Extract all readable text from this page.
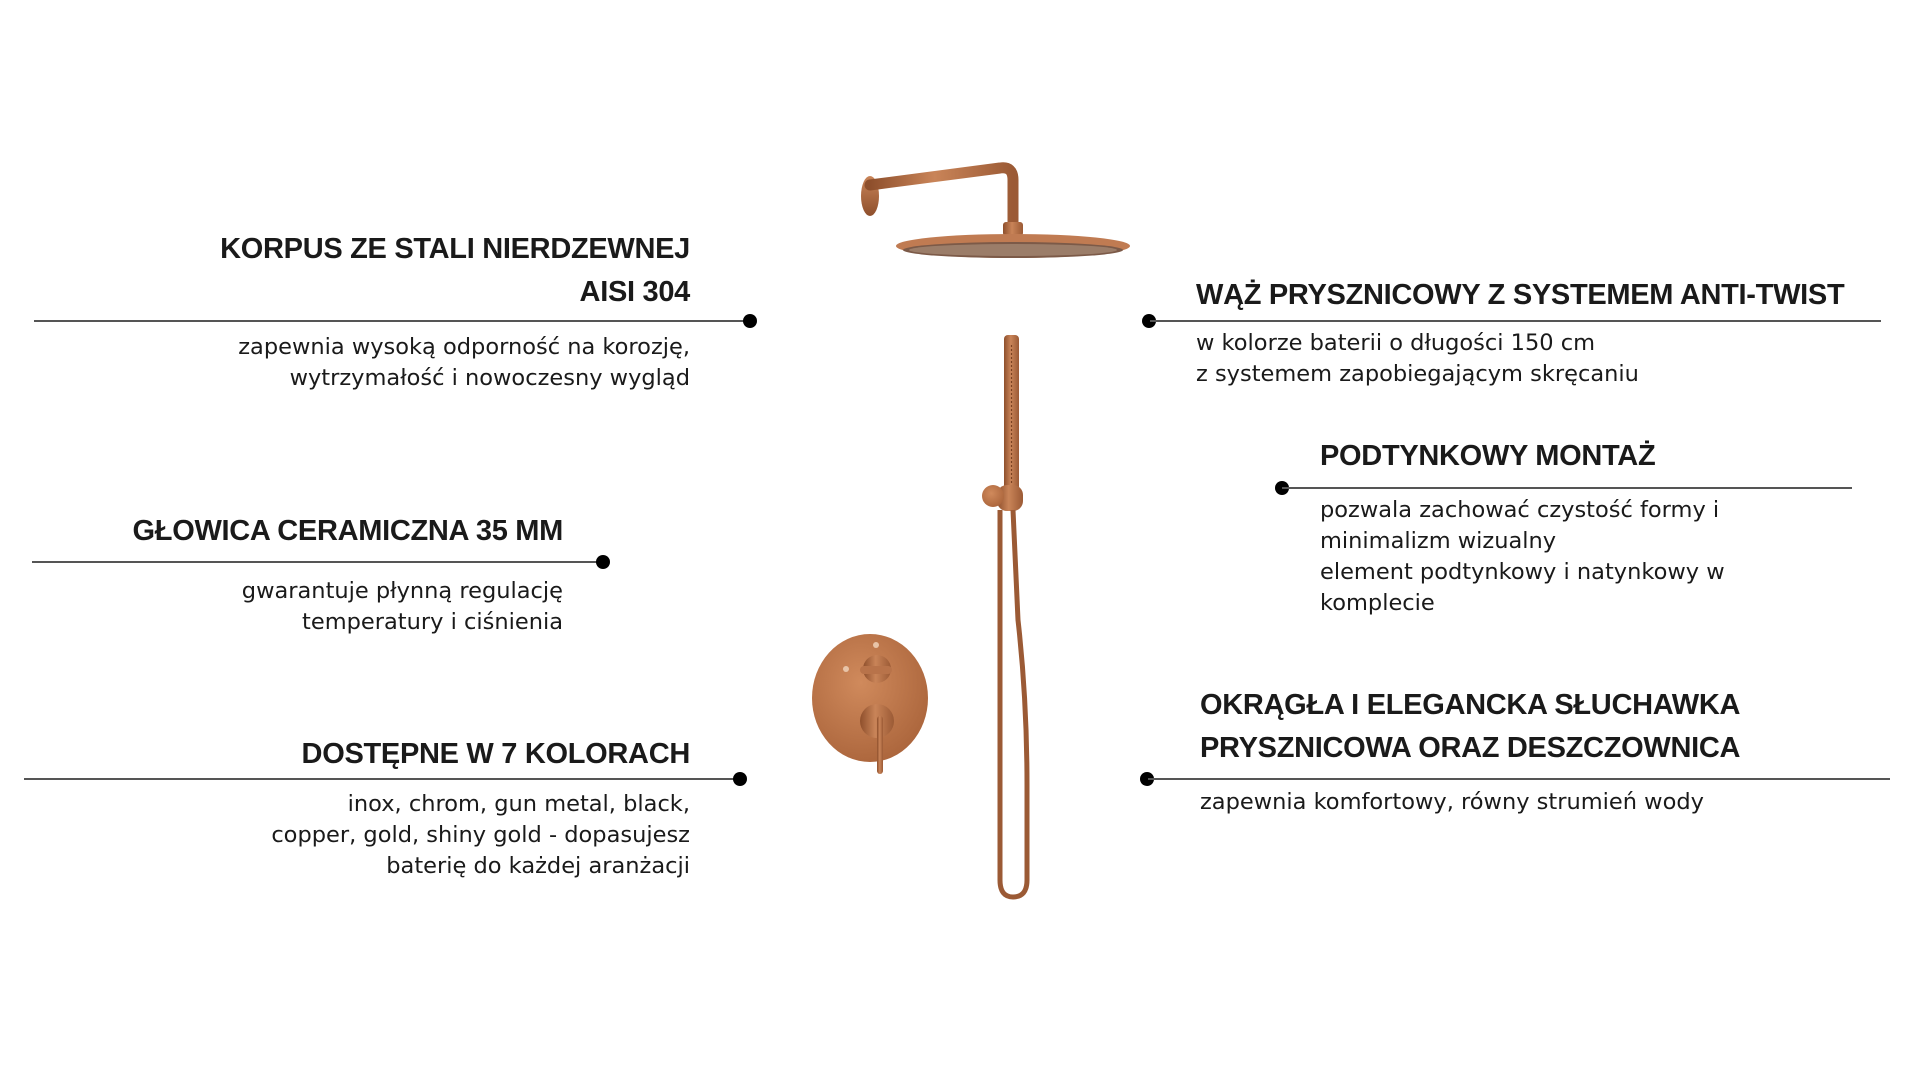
KORPUS ZE STALI NIERDZEWNEJ
AISI 304

zapewnia wysoką odporność na korozję,
wytrzymałość i nowoczesny wygląd

GŁOWICA CERAMICZNA 35 MM

gwarantuje płynną regulację
temperatury i ciśnienia

DOSTĘPNE W 7 KOLORACH

inox, chrom, gun metal, black,
copper, gold, shiny gold - dopasujesz
baterię do każdej aranżacji

WĄŻ PRYSZNICOWY Z SYSTEMEM ANTI-TWIST

w kolorze baterii o długości 150 cm
z systemem zapobiegającym skręcaniu

PODTYNKOWY MONTAŻ

pozwala zachować czystość formy i
minimalizm wizualny
element podtynkowy i natynkowy w
komplecie

OKRĄGŁA I ELEGANCKA SŁUCHAWKA
PRYSZNICOWA ORAZ DESZCZOWNICA

zapewnia komfortowy, równy strumień wody
